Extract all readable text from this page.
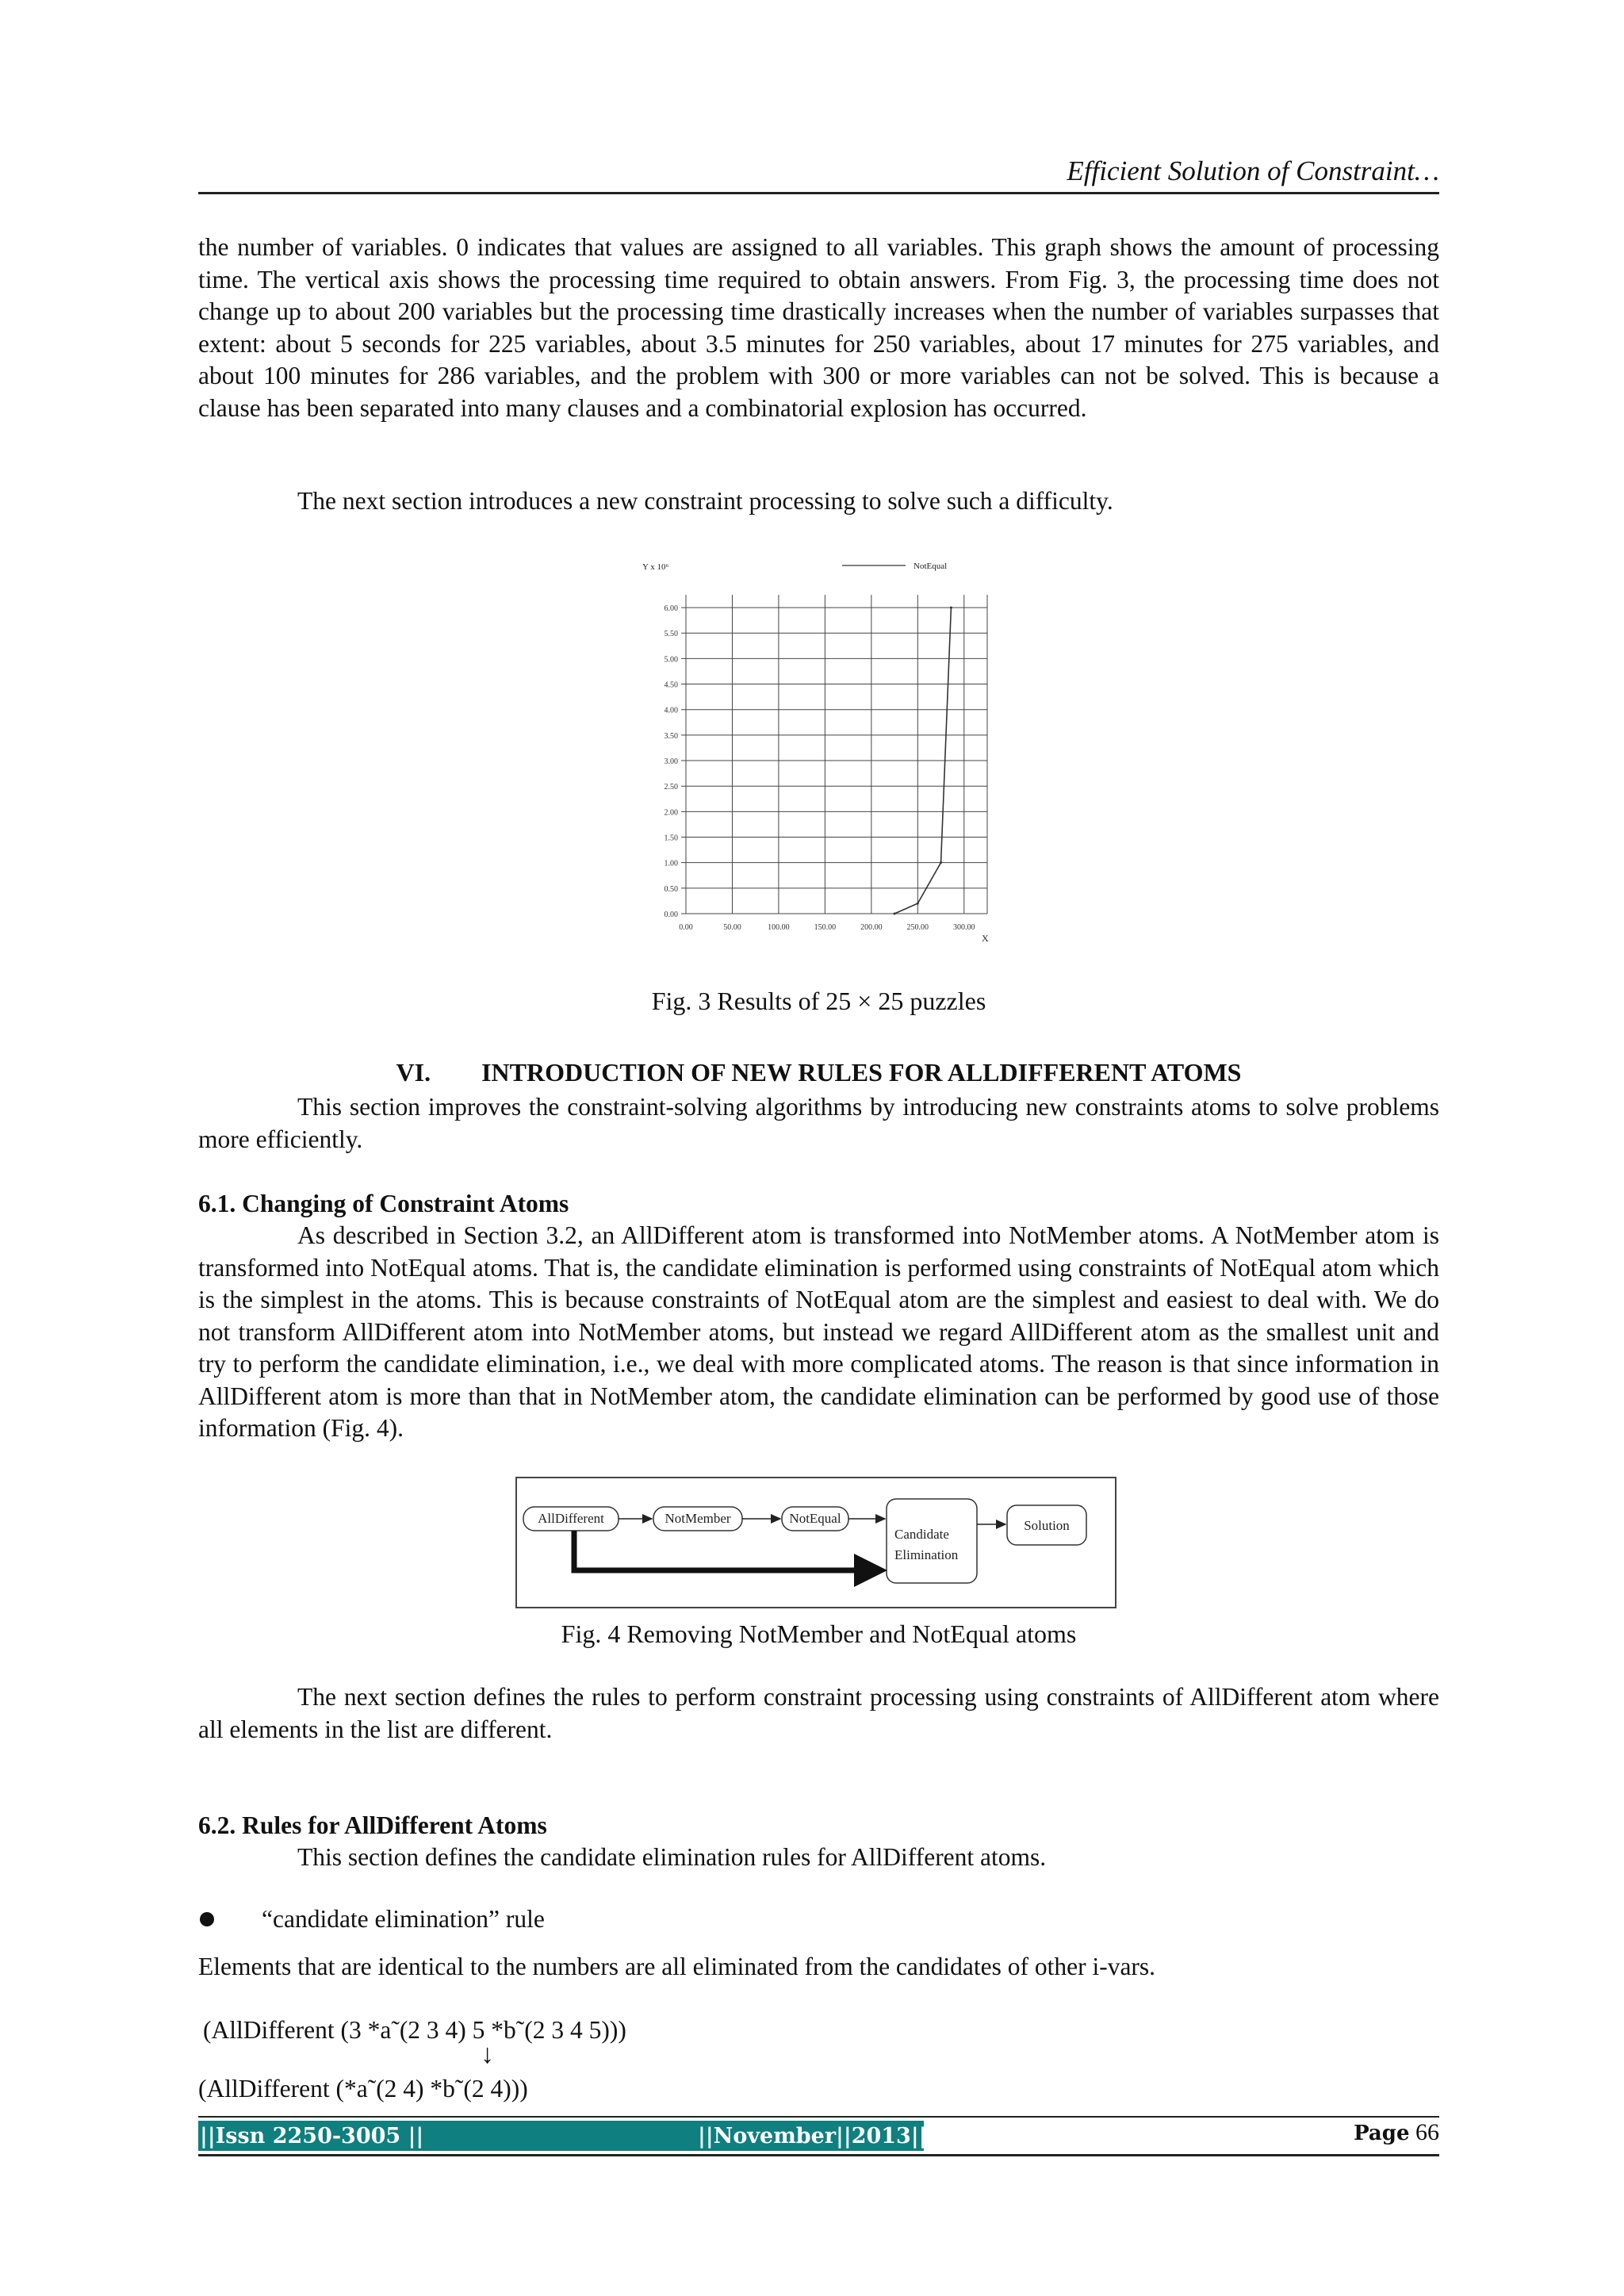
Efficient Solution of Constraint…

the number of variables. 0 indicates that values are assigned to all variables. This graph shows the amount of processing time. The vertical axis shows the processing time required to obtain answers. From Fig. 3, the processing time does not change up to about 200 variables but the processing time drastically increases when the number of variables surpasses that extent: about 5 seconds for 225 variables, about 3.5 minutes for 250 variables, about 17 minutes for 275 variables, and about 100 minutes for 286 variables, and the problem with 300 or more variables can not be solved. This is because a clause has been separated into many clauses and a combinatorial explosion has occurred.

The next section introduces a new constraint processing to solve such a difficulty.

0.00
0.50
1.00
1.50
2.00
2.50
3.00
3.50
4.00
4.50
5.00
5.50
6.00
0.00	50.00	100.00	150.00	200.00	250.00	300.00
Y x 10⁶	NotEqual
X
Fig. 3 Results of 25 × 25 puzzles
VI. INTRODUCTION OF NEW RULES FOR ALLDIFFERENT ATOMS

This section improves the constraint-solving algorithms by introducing new constraints atoms to solve problems more efficiently.

6.1. Changing of Constraint Atoms

As described in Section 3.2, an AllDifferent atom is transformed into NotMember atoms. A NotMember atom is transformed into NotEqual atoms. That is, the candidate elimination is performed using constraints of NotEqual atom which is the simplest in the atoms. This is because constraints of NotEqual atom are the simplest and easiest to deal with. We do not transform AllDifferent atom into NotMember atoms, but instead we regard AllDifferent atom as the smallest unit and try to perform the candidate elimination, i.e., we deal with more complicated atoms. The reason is that since information in AllDifferent atom is more than that in NotMember atom, the candidate elimination can be performed by good use of those information (Fig. 4).

AllDifferent	NotMember	NotEqual
Candidate
Elimination
Solution
Fig. 4 Removing NotMember and NotEqual atoms

The next section defines the rules to perform constraint processing using constraints of AllDifferent atom where all elements in the list are different.

6.2. Rules for AllDifferent Atoms

This section defines the candidate elimination rules for AllDifferent atoms.

“candidate elimination” rule

Elements that are identical to the numbers are all eliminated from the candidates of other i-vars.

(AllDifferent (3 *a˜(2 3 4) 5 *b˜(2 3 4 5)))
↓
(AllDifferent (*a˜(2 4) *b˜(2 4)))
||Issn 2250-3005 ||	||November||2013||	Page 66
